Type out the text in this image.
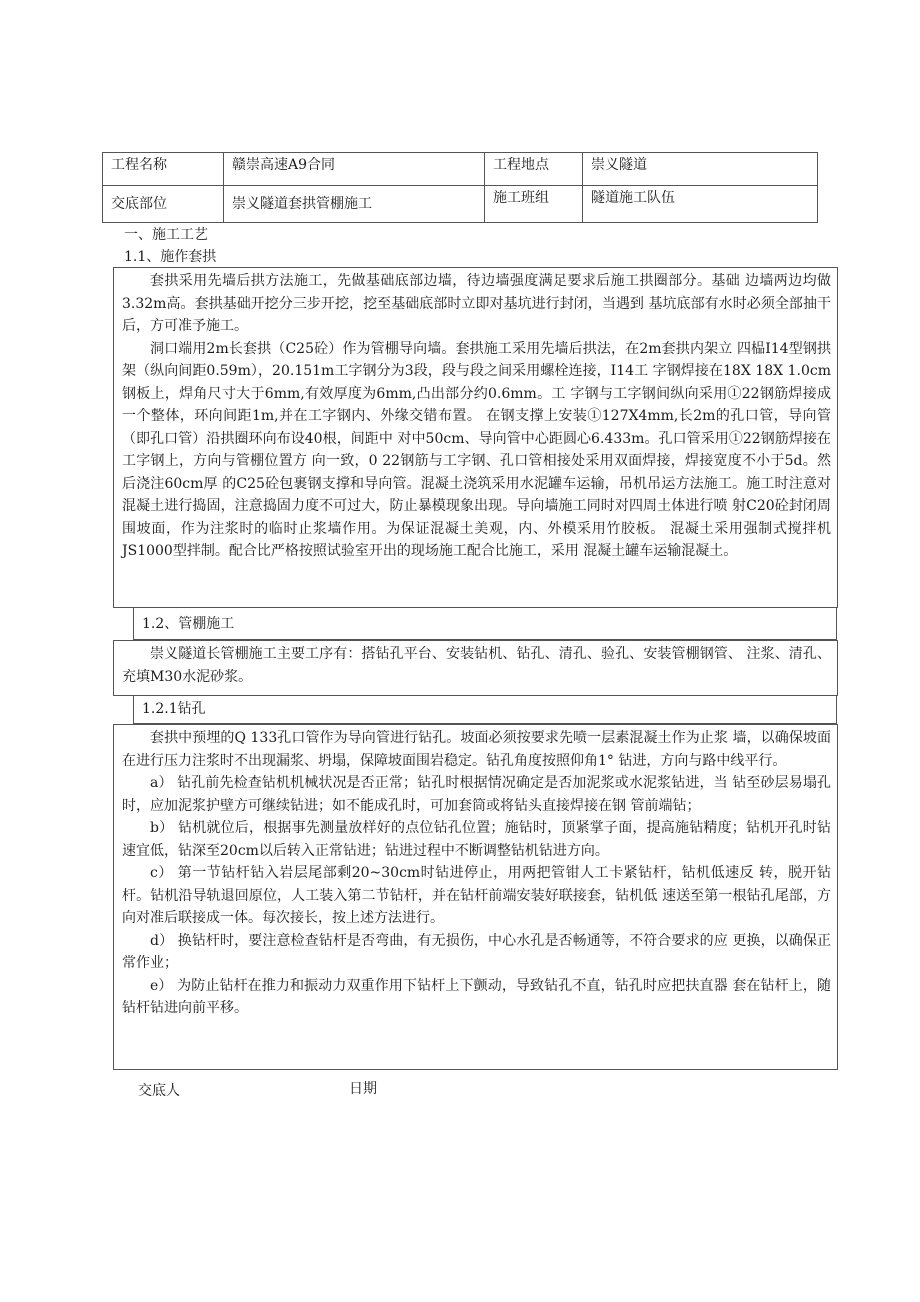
工程名称	赣崇高速A9合同	工程地点	崇义隧道
交底部位	崇义隧道套拱管棚施工	施工班组	隧道施工队伍
一、施工工艺
1.1、施作套拱

套拱采用先墙后拱方法施工，先做基础底部边墙，待边墙强度满足要求后施工拱圈部分。基础 边墙两边均做3.32m高。套拱基础开挖分三步开挖，挖至基础底部时立即对基坑进行封闭，当遇到 基坑底部有水时必须全部抽干后，方可准予施工。

洞口端用2m长套拱（C25砼）作为管棚导向墙。套拱施工采用先墙后拱法，在2m套拱内架立 四榀I14型钢拱架（纵向间距0.59m），20.151m工字钢分为3段，段与段之间采用螺栓连接，I14工 字钢焊接在18X 18X 1.0cm钢板上，焊角尺寸大于6mm,有效厚度为6mm,凸出部分约0.6mm。工 字钢与工字钢间纵向采用①22钢筋焊接成一个整体，环向间距1m,并在工字钢内、外缘交错布置。 在钢支撑上安装①127X4mm,长2m的孔口管，导向管（即孔口管）沿拱圈环向布设40根，间距中 对中50cm、导向管中心距圆心6.433m。孔口管采用①22钢筋焊接在工字钢上，方向与管棚位置方 向一致，0 22钢筋与工字钢、孔口管相接处采用双面焊接，焊接宽度不小于5d。然后浇注60cm厚 的C25砼包裹钢支撑和导向管。混凝土浇筑采用水泥罐车运输，吊机吊运方法施工。施工时注意对 混凝土进行捣固，注意捣固力度不可过大，防止暴模现象出现。导向墙施工同时对四周土体进行喷 射C20砼封闭周围坡面，作为注浆时的临时止浆墙作用。为保证混凝土美观，内、外模采用竹胶板。 混凝土采用强制式搅拌机JS1000型拌制。配合比严格按照试验室开出的现场施工配合比施工，采用 混凝土罐车运输混凝土。

1.2、管棚施工

崇义隧道长管棚施工主要工序有：搭钻孔平台、安装钻机、钻孔、清孔、验孔、安装管棚钢管、 注浆、清孔、充填M30水泥砂浆。

1.2.1钻孔

套拱中预埋的Q 133孔口管作为导向管进行钻孔。坡面必须按要求先喷一层素混凝土作为止浆 墙，以确保坡面在进行压力注浆时不出现漏浆、坍塌，保障坡面围岩稳定。钻孔角度按照仰角1° 钻进，方向与路中线平行。

a） 钻孔前先检查钻机机械状况是否正常；钻孔时根据情况确定是否加泥浆或水泥浆钻进，当 钻至砂层易塌孔时，应加泥浆护壁方可继续钻进；如不能成孔时，可加套筒或将钻头直接焊接在钢 管前端钻；

b） 钻机就位后，根据事先测量放样好的点位钻孔位置；施钻时，顶紧掌子面，提高施钻精度；钻机开孔时钻速宜低，钻深至20cm以后转入正常钻进；钻进过程中不断调整钻机钻进方向。

c） 第一节钻杆钻入岩层尾部剩20~30cm时钻进停止，用两把管钳人工卡紧钻杆，钻机低速反 转，脱开钻杆。钻机沿导轨退回原位，人工装入第二节钻杆，并在钻杆前端安装好联接套，钻机低 速送至第一根钻孔尾部，方向对准后联接成一体。每次接长，按上述方法进行。

d） 换钻杆时，要注意检查钻杆是否弯曲，有无损伤，中心水孔是否畅通等，不符合要求的应 更换，以确保正常作业；

e） 为防止钻杆在推力和振动力双重作用下钻杆上下颤动，导致钻孔不直，钻孔时应把扶直器 套在钻杆上，随钻杆钻进向前平移。

交底人	日期
